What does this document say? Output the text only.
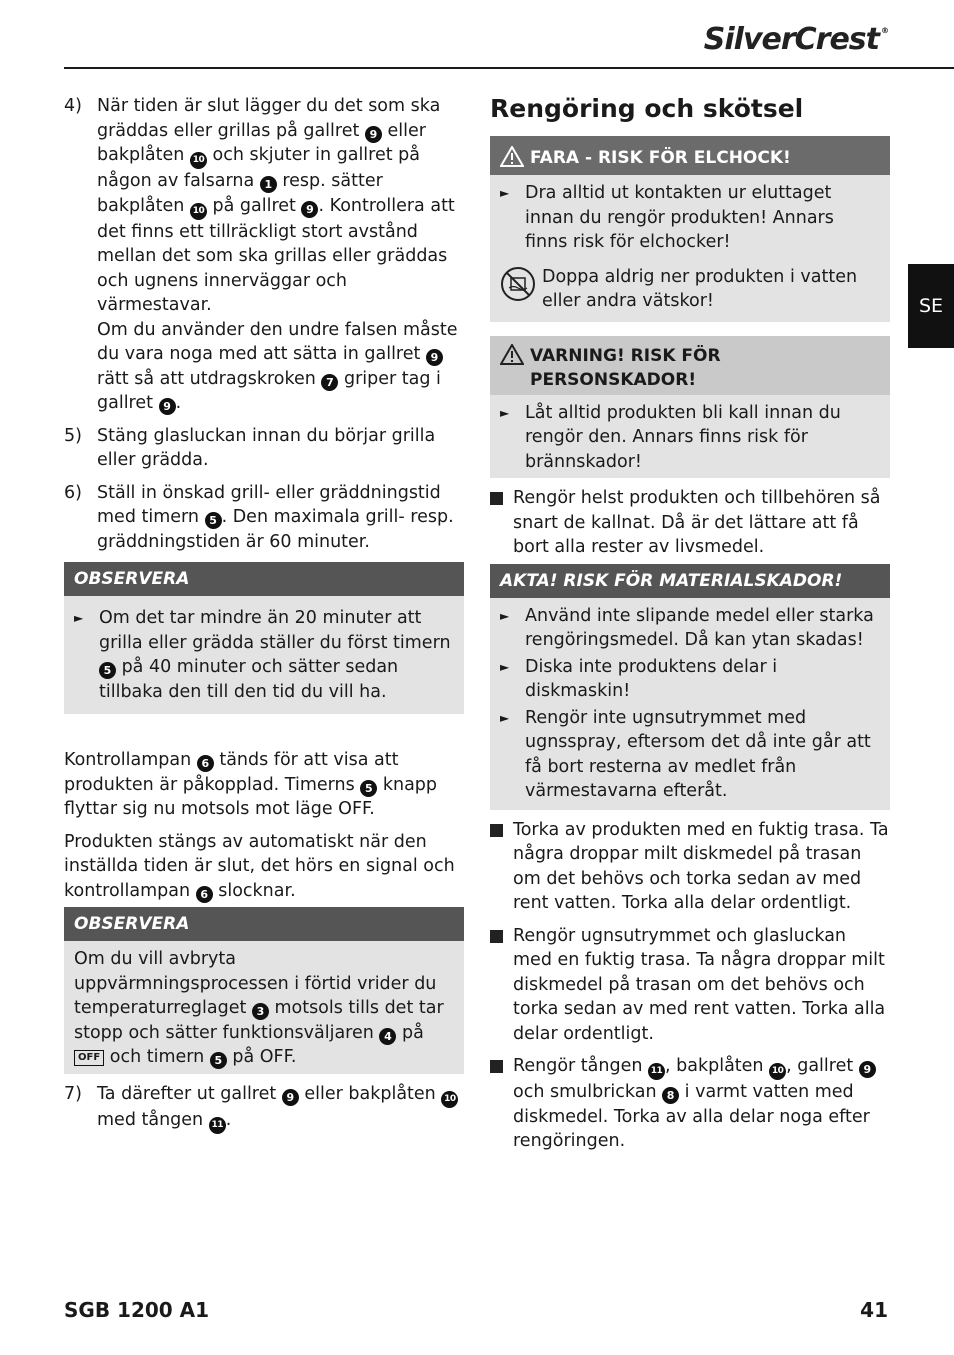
SilverCrest ®
SE
4) När tiden är slut lägger du det som ska gräddas eller grillas på gallret 9 eller bakplåten 10 och skjuter in gallret på någon av falsarna 1 resp. sätter bakplåten 10 på gallret 9 . Kontrollera att det finns ett tillräckligt stort avstånd mellan det som ska grillas eller gräddas och ugnens innerväggar och värmestavar.

Om du använder den undre falsen måste du vara noga med att sätta in gallret 9 rätt så att utdragskroken 7 griper tag i gallret 9 .

5) Stäng glasluckan innan du börjar grilla eller grädda.
6) Ställ in önskad grill- eller gräddningstid med timern 5 . Den maximala grill- resp. gräddningstiden är 60 minuter.
OBSERVERA
► Om det tar mindre än 20 minuter att grilla eller grädda ställer du först timern 5 på 40 minuter och sätter sedan tillbaka den till den tid du vill ha.

Kontrollampan 6 tänds för att visa att produkten är påkopplad. Timerns 5 knapp flyttar sig nu motsols mot läge OFF.

Produkten stängs av automatiskt när den inställda tiden är slut, det hörs en signal och kontrollampan 6 slocknar.

OBSERVERA

Om du vill avbryta uppvärmningsprocessen i förtid vrider du temperaturreglaget 3 motsols tills det tar stopp och sätter funktionsväljaren 4 på OFF och timern 5 på OFF.

7) Ta därefter ut gallret 9 eller bakplåten 10 med tången 11 .
Rengöring och skötsel
FARA - RISK FÖR ELCHOCK!
► Dra alltid ut kontakten ur eluttaget innan du rengör produkten! Annars finns risk för elchocker!
Doppa aldrig ner produkten i vatten eller andra vätskor!
VARNING! RISK FÖR PERSONSKADOR!
► Låt alltid produkten bli kall innan du rengör den. Annars finns risk för brännskador!
Rengör helst produkten och tillbehören så snart de kallnat. Då är det lättare att få bort alla rester av livsmedel.
AKTA! RISK FÖR MATERIALSKADOR!
► Använd inte slipande medel eller starka rengöringsmedel. Då kan ytan skadas!
► Diska inte produktens delar i diskmaskin!
► Rengör inte ugnsutrymmet med ugnsspray, eftersom det då inte går att få bort resterna av medlet från värmestavarna efteråt.
Torka av produkten med en fuktig trasa. Ta några droppar milt diskmedel på trasan om det behövs och torka sedan av med rent vatten. Torka alla delar ordentligt.
Rengör ugnsutrymmet och glasluckan med en fuktig trasa. Ta några droppar milt diskmedel på trasan om det behövs och torka sedan av med rent vatten. Torka alla delar ordentligt.
Rengör tången 11 , bakplåten 10 , gallret 9 och smulbrickan 8 i varmt vatten med diskmedel. Torka av alla delar noga efter rengöringen.
SGB 1200 A1	41
